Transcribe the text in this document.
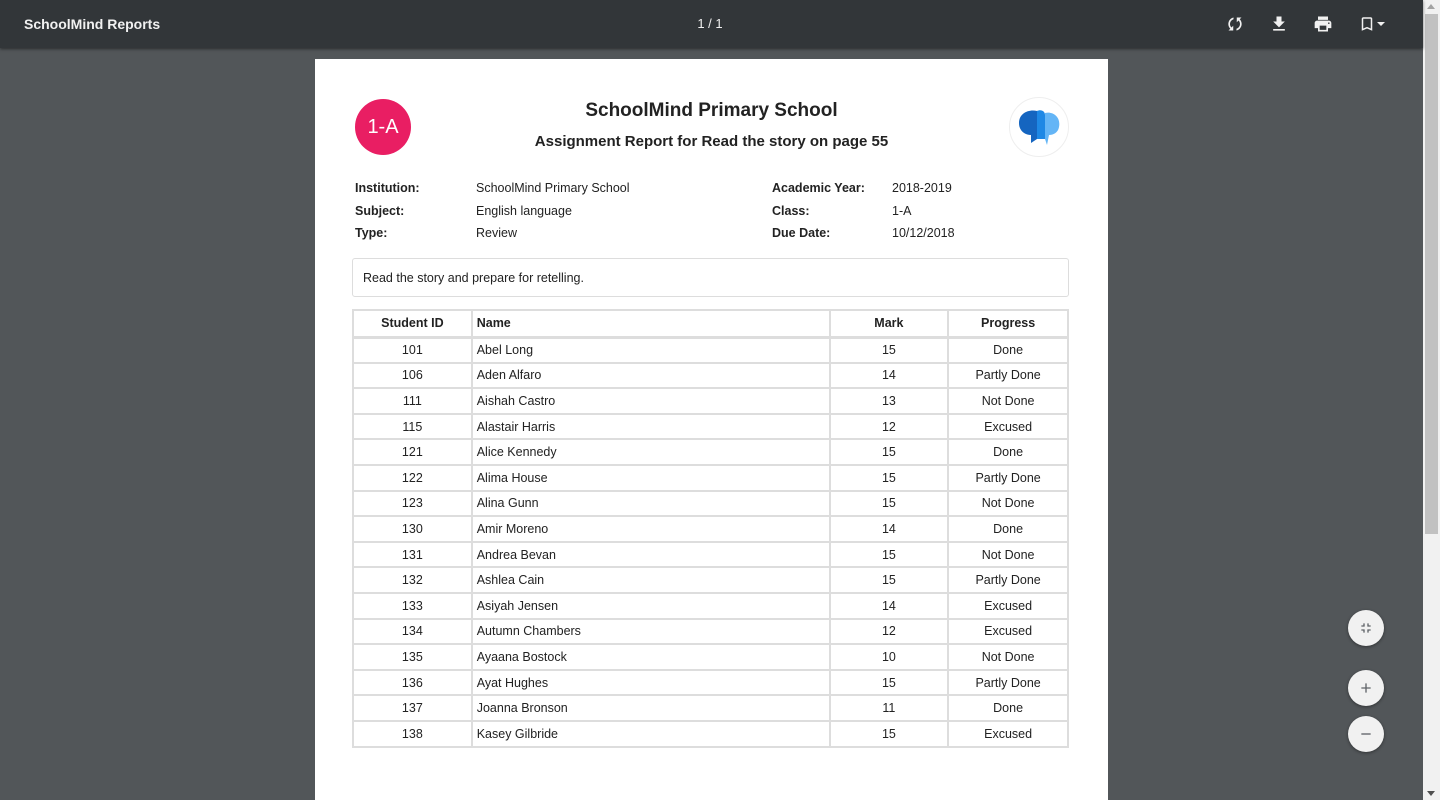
SchoolMind Reports	1 / 1
1-A
SchoolMind Primary School
Assignment Report for Read the story on page 55
Institution:	SchoolMind Primary School
Subject:	English language
Type:	Review
Academic Year:	2018-2019
Class:	1-A
Due Date:	10/12/2018
Read the story and prepare for retelling.
Student ID	Name	Mark	Progress
101	Abel Long	15	Done
106	Aden Alfaro	14	Partly Done
111	Aishah Castro	13	Not Done
115	Alastair Harris	12	Excused
121	Alice Kennedy	15	Done
122	Alima House	15	Partly Done
123	Alina Gunn	15	Not Done
130	Amir Moreno	14	Done
131	Andrea Bevan	15	Not Done
132	Ashlea Cain	15	Partly Done
133	Asiyah Jensen	14	Excused
134	Autumn Chambers	12	Excused
135	Ayaana Bostock	10	Not Done
136	Ayat Hughes	15	Partly Done
137	Joanna Bronson	11	Done
138	Kasey Gilbride	15	Excused
